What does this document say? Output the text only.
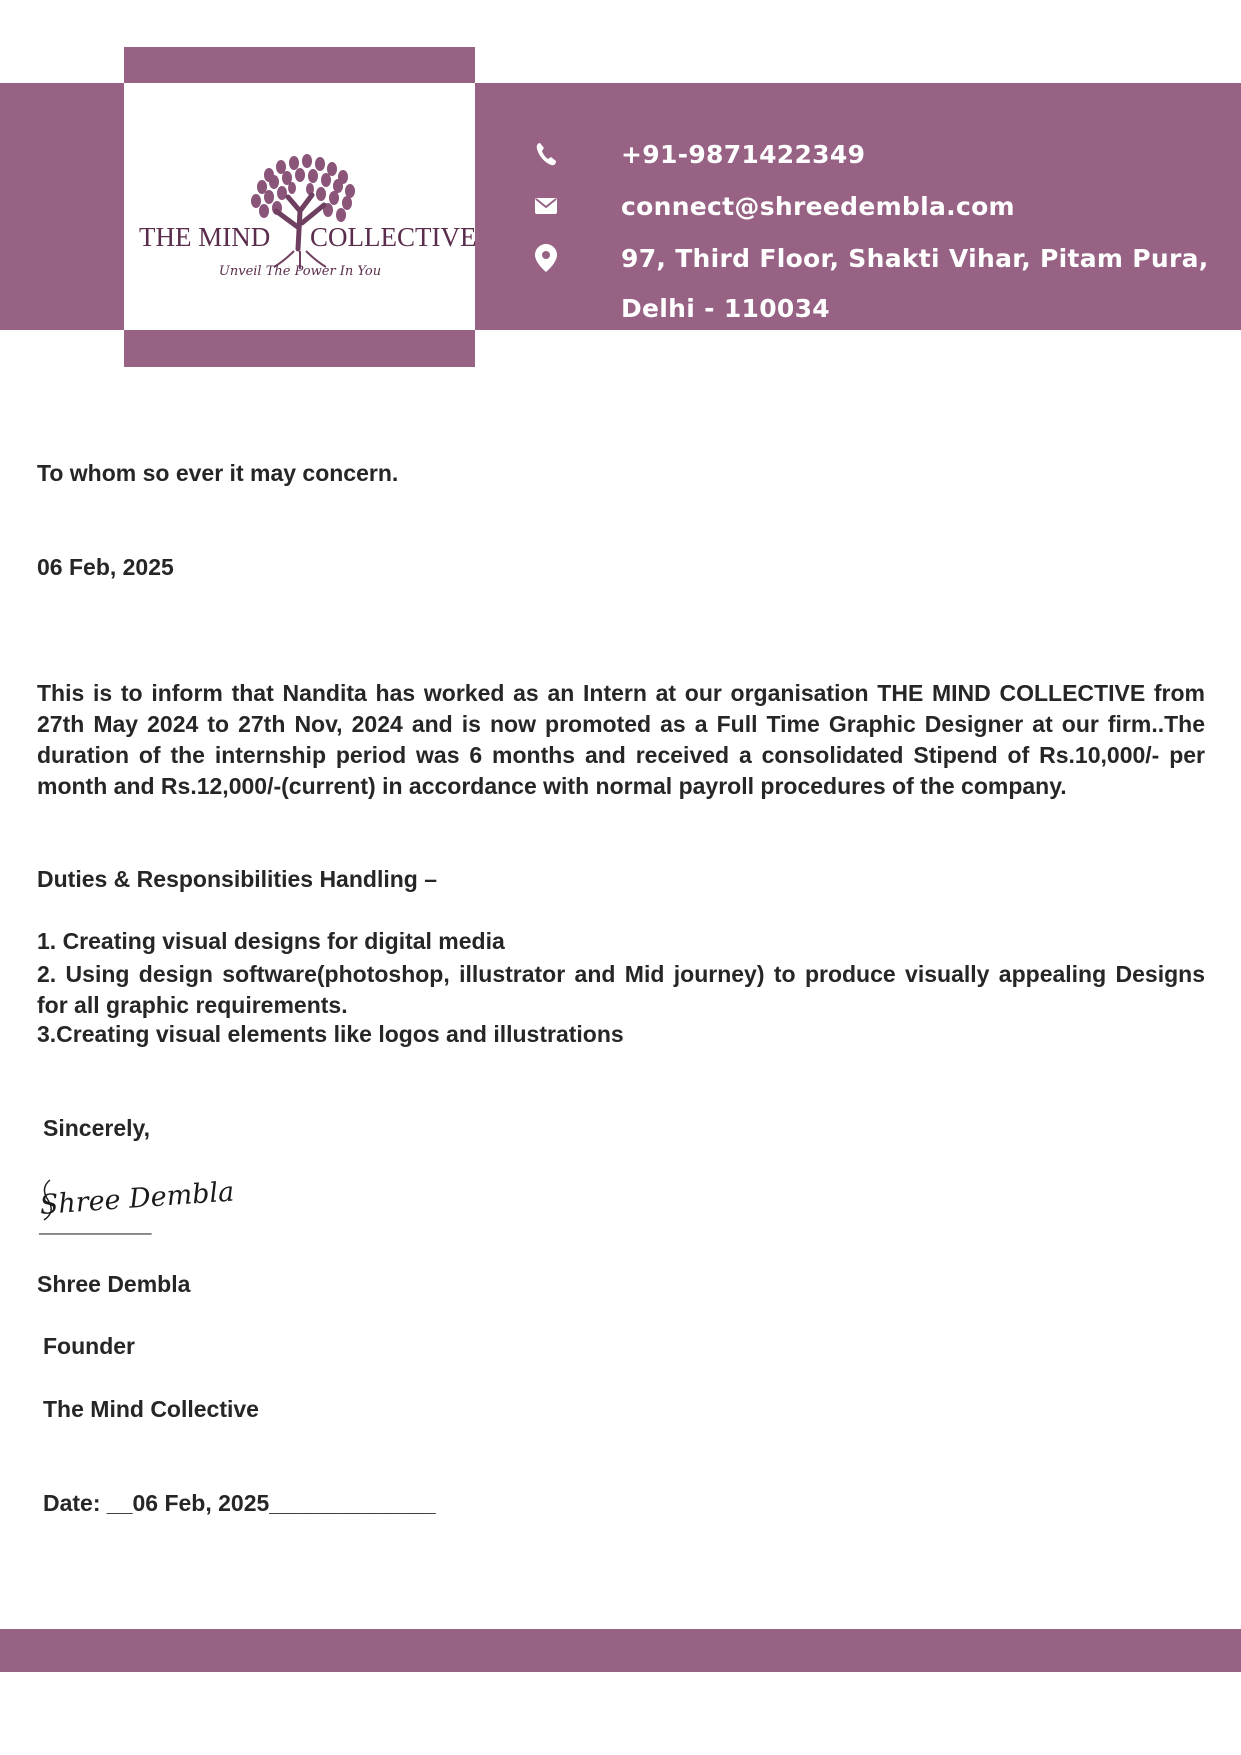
THE MIND COLLECTIVE
Unveil The Power In You
+91-9871422349
connect@shreedembla.com
97, Third Floor, Shakti Vihar, Pitam Pura,
Delhi - 110034
To whom so ever it may concern.
06 Feb, 2025

This is to inform that Nandita has worked as an Intern at our organisation THE MIND COLLECTIVE from 27th May 2024 to 27th Nov, 2024 and is now promoted as a Full Time Graphic Designer at our firm..The duration of the internship period was 6 months and received a consolidated Stipend of Rs.10,000/- per month and Rs.12,000/-(current) in accordance with normal payroll procedures of the company.

Duties & Responsibilities Handling –
1. Creating visual designs for digital media

2. Using design software(photoshop, illustrator and Mid journey) to produce visually appealing Designs for all graphic requirements.

3.Creating visual elements like logos and illustrations
Sincerely,
Shree Dembla
_______________
Shree Dembla
Founder
The Mind Collective
Date: __06 Feb, 2025_____________
